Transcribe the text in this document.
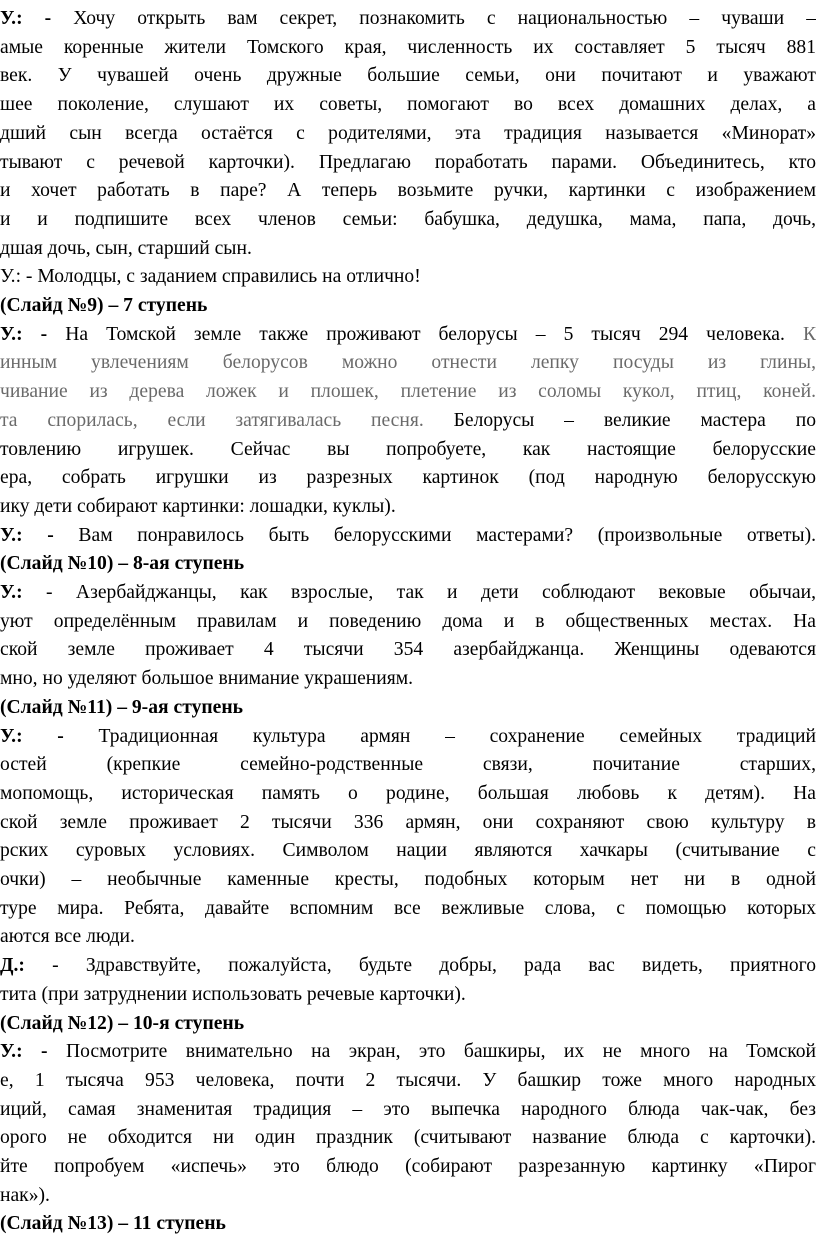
У.: - Хочу открыть вам секрет, познакомить с национальностью – чуваши –
амые коренные жители Томского края, численность их составляет 5 тысяч 881
век. У чувашей очень дружные большие семьи, они почитают и уважают
шее поколение, слушают их советы, помогают во всех домашних делах, а
дший сын всегда остаётся с родителями, эта традиция называется «Минорат»
тывают с речевой карточки). Предлагаю поработать парами. Объединитесь, кто
и хочет работать в паре? А теперь возьмите ручки, картинки с изображением
и и подпишите всех членов семьи: бабушка, дедушка, мама, папа, дочь,
дшая дочь, сын, старший сын.
У.: - Молодцы, с заданием справились на отлично!
(Слайд №9) – 7 ступень
У.: - На Томской земле также проживают белорусы – 5 тысяч 294 человека. К
инным увлечениям белорусов можно отнести лепку посуды из глины,
чивание из дерева ложек и плошек, плетение из соломы кукол, птиц, коней.
та спорилась, если затягивалась песня. Белорусы – великие мастера по
товлению игрушек. Сейчас вы попробуете, как настоящие белорусские
ера, собрать игрушки из разрезных картинок (под народную белорусскую
ику дети собирают картинки: лошадки, куклы).
У.: - Вам понравилось быть белорусскими мастерами? (произвольные ответы).
(Слайд №10) – 8-ая ступень
У.: - Азербайджанцы, как взрослые, так и дети соблюдают вековые обычаи,
уют определённым правилам и поведению дома и в общественных местах. На
ской земле проживает 4 тысячи 354 азербайджанца. Женщины одеваются
мно, но уделяют большое внимание украшениям.
(Слайд №11) – 9-ая ступень
У.: - Традиционная культура армян – сохранение семейных традиций
остей (крепкие семейно-родственные связи, почитание старших,
мопомощь, историческая память о родине, большая любовь к детям). На
ской земле проживает 2 тысячи 336 армян, они сохраняют свою культуру в
рских суровых условиях. Символом нации являются хачкары (считывание с
очки) – необычные каменные кресты, подобных которым нет ни в одной
туре мира. Ребята, давайте вспомним все вежливые слова, с помощью которых
аются все люди.
Д.: - Здравствуйте, пожалуйста, будьте добры, рада вас видеть, приятного
тита (при затруднении использовать речевые карточки).
(Слайд №12) – 10-я ступень
У.: - Посмотрите внимательно на экран, это башкиры, их не много на Томской
е, 1 тысяча 953 человека, почти 2 тысячи. У башкир тоже много народных
иций, самая знаменитая традиция – это выпечка народного блюда чак-чак, без
орого не обходится ни один праздник (считывают название блюда с карточки).
йте попробуем «испечь» это блюдо (собирают разрезанную картинку «Пирог
нак»).
(Слайд №13) – 11 ступень
